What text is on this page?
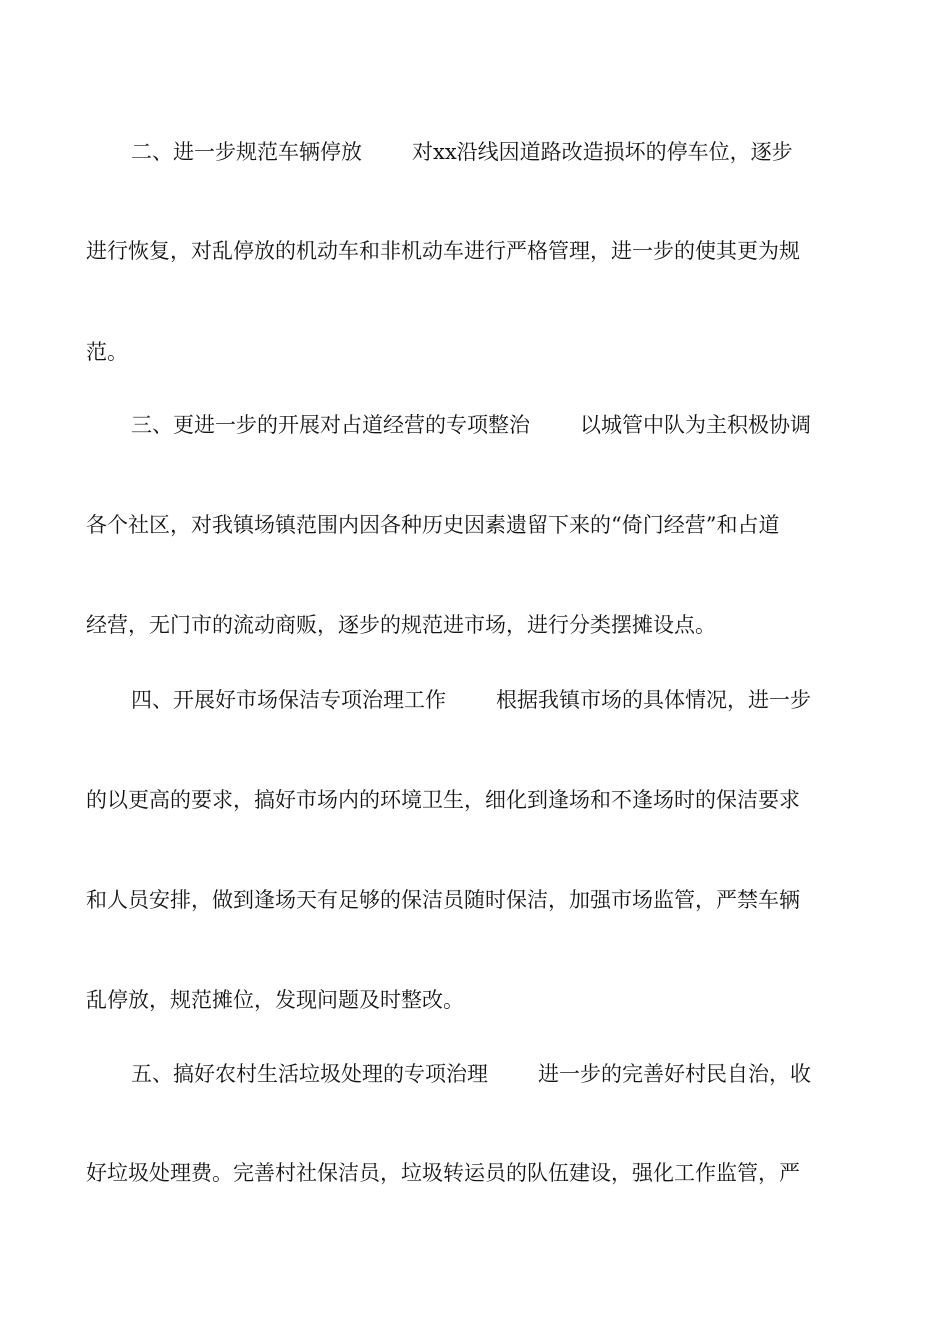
二、进一步规范车辆停放 对xx沿线因道路改造损坏的停车位，逐步

进行恢复，对乱停放的机动车和非机动车进行严格管理，进一步的使其更为规

范。

三、更进一步的开展对占道经营的专项整治 以城管中队为主积极协调

各个社区，对我镇场镇范围内因各种历史因素遗留下来的“倚门经营”和占道

经营，无门市的流动商贩，逐步的规范进市场，进行分类摆摊设点。

四、开展好市场保洁专项治理工作 根据我镇市场的具体情况，进一步

的以更高的要求，搞好市场内的环境卫生，细化到逢场和不逢场时的保洁要求

和人员安排，做到逢场天有足够的保洁员随时保洁，加强市场监管，严禁车辆

乱停放，规范摊位，发现问题及时整改。

五、搞好农村生活垃圾处理的专项治理 进一步的完善好村民自治，收

好垃圾处理费。完善村社保洁员，垃圾转运员的队伍建设，强化工作监管，严
